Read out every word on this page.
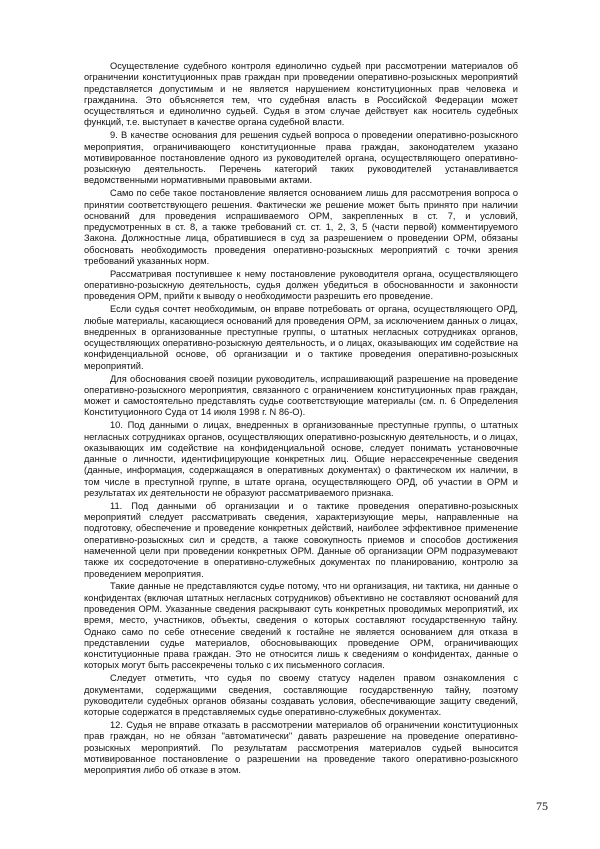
Осуществление судебного контроля единолично судьей при рассмотрении материалов об ограничении конституционных прав граждан при проведении оперативно-розыскных мероприятий представляется допустимым и не является нарушением конституционных прав человека и гражданина. Это объясняется тем, что судебная власть в Российской Федерации может осуществляться и единолично судьей. Судья в этом случае действует как носитель судебных функций, т.е. выступает в качестве органа судебной власти.

9. В качестве основания для решения судьей вопроса о проведении оперативно-розыскного мероприятия, ограничивающего конституционные права граждан, законодателем указано мотивированное постановление одного из руководителей органа, осуществляющего оперативно-розыскную деятельность. Перечень категорий таких руководителей устанавливается ведомственными нормативными правовыми актами.

Само по себе такое постановление является основанием лишь для рассмотрения вопроса о принятии соответствующего решения. Фактически же решение может быть принято при наличии оснований для проведения испрашиваемого ОРМ, закрепленных в ст. 7, и условий, предусмотренных в ст. 8, а также требований ст. ст. 1, 2, 3, 5 (части первой) комментируемого Закона. Должностные лица, обратившиеся в суд за разрешением о проведении ОРМ, обязаны обосновать необходимость проведения оперативно-розыскных мероприятий с точки зрения требований указанных норм.

Рассматривая поступившее к нему постановление руководителя органа, осуществляющего оперативно-розыскную деятельность, судья должен убедиться в обоснованности и законности проведения ОРМ, прийти к выводу о необходимости разрешить его проведение.

Если судья сочтет необходимым, он вправе потребовать от органа, осуществляющего ОРД, любые материалы, касающиеся оснований для проведения ОРМ, за исключением данных о лицах, внедренных в организованные преступные группы, о штатных негласных сотрудниках органов, осуществляющих оперативно-розыскную деятельность, и о лицах, оказывающих им содействие на конфиденциальной основе, об организации и о тактике проведения оперативно-розыскных мероприятий.

Для обоснования своей позиции руководитель, испрашивающий разрешение на проведение оперативно-розыскного мероприятия, связанного с ограничением конституционных прав граждан, может и самостоятельно представлять судье соответствующие материалы (см. п. 6 Определения Конституционного Суда от 14 июля 1998 г. N 86-О).

10. Под данными о лицах, внедренных в организованные преступные группы, о штатных негласных сотрудниках органов, осуществляющих оперативно-розыскную деятельность, и о лицах, оказывающих им содействие на конфиденциальной основе, следует понимать установочные данные о личности, идентифицирующие конкретных лиц. Общие нерассекреченные сведения (данные, информация, содержащаяся в оперативных документах) о фактическом их наличии, в том числе в преступной группе, в штате органа, осуществляющего ОРД, об участии в ОРМ и результатах их деятельности не образуют рассматриваемого признака.

11. Под данными об организации и о тактике проведения оперативно-розыскных мероприятий следует рассматривать сведения, характеризующие меры, направленные на подготовку, обеспечение и проведение конкретных действий, наиболее эффективное применение оперативно-розыскных сил и средств, а также совокупность приемов и способов достижения намеченной цели при проведении конкретных ОРМ. Данные об организации ОРМ подразумевают также их сосредоточение в оперативно-служебных документах по планированию, контролю за проведением мероприятия.

Такие данные не представляются судье потому, что ни организация, ни тактика, ни данные о конфидентах (включая штатных негласных сотрудников) объективно не составляют оснований для проведения ОРМ. Указанные сведения раскрывают суть конкретных проводимых мероприятий, их время, место, участников, объекты, сведения о которых составляют государственную тайну. Однако само по себе отнесение сведений к гостайне не является основанием для отказа в представлении судье материалов, обосновывающих проведение ОРМ, ограничивающих конституционные права граждан. Это не относится лишь к сведениям о конфидентах, данные о которых могут быть рассекречены только с их письменного согласия.

Следует отметить, что судья по своему статусу наделен правом ознакомления с документами, содержащими сведения, составляющие государственную тайну, поэтому руководители судебных органов обязаны создавать условия, обеспечивающие защиту сведений, которые содержатся в представляемых судье оперативно-служебных документах.

12. Судья не вправе отказать в рассмотрении материалов об ограничении конституционных прав граждан, но не обязан "автоматически" давать разрешение на проведение оперативно-розыскных мероприятий. По результатам рассмотрения материалов судьей выносится мотивированное постановление о разрешении на проведение такого оперативно-розыскного мероприятия либо об отказе в этом.

75
